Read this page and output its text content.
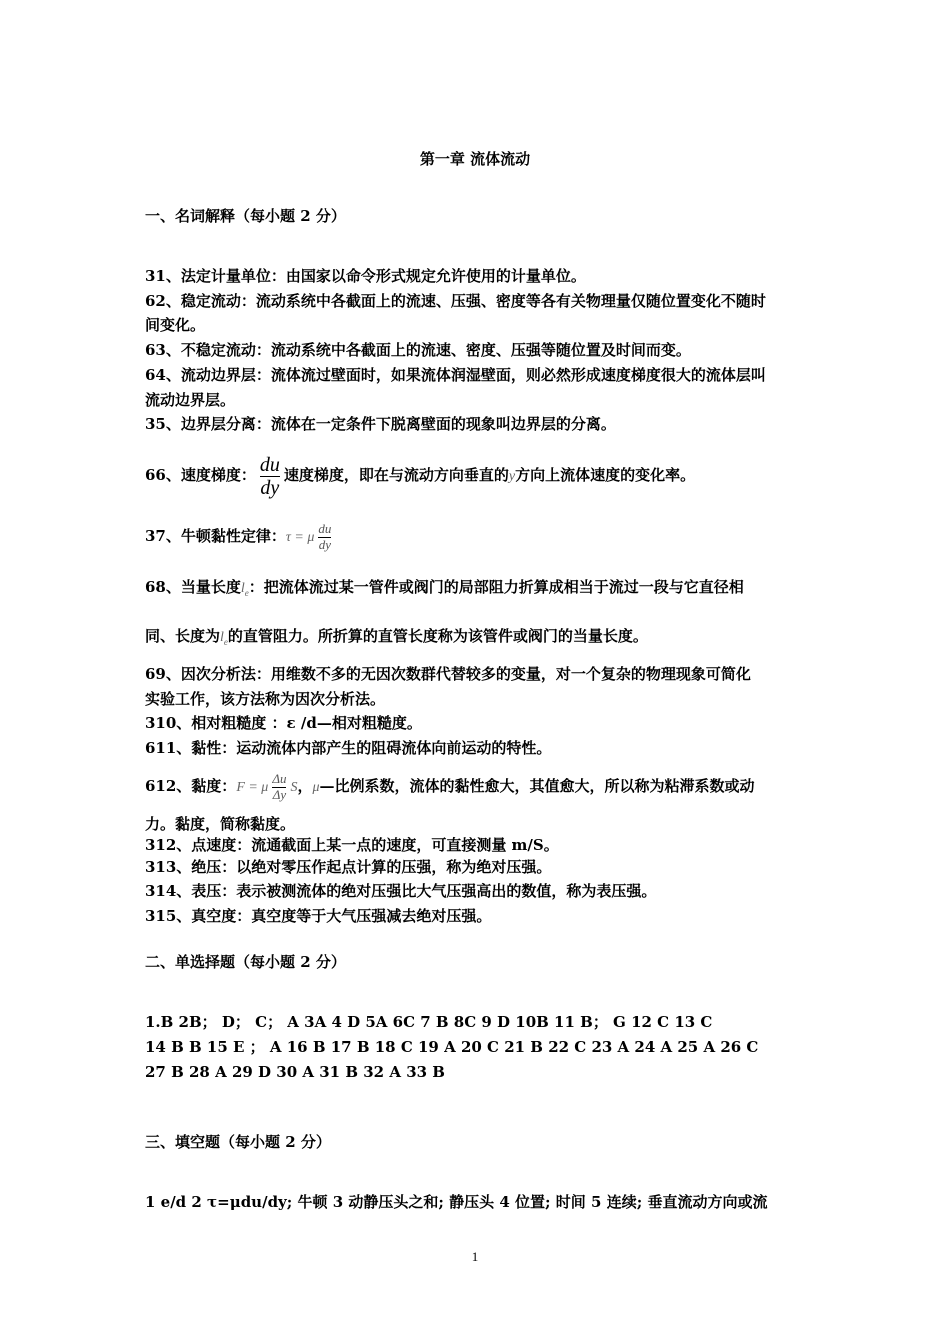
第一章 流体流动
一、名词解释（每小题 2 分）
31、法定计量单位：由国家以命令形式规定允许使用的计量单位。
62、稳定流动：流动系统中各截面上的流速、压强、密度等各有关物理量仅随位置变化不随时
间变化。
63、不稳定流动：流动系统中各截面上的流速、密度、压强等随位置及时间而变。
64、流动边界层：流体流过壁面时，如果流体润湿壁面，则必然形成速度梯度很大的流体层叫
流动边界层。
35、边界层分离：流体在一定条件下脱离壁面的现象叫边界层的分离。
66、速度梯度： $\frac{du}{dy}$ 速度梯度，即在与流动方向垂直的y方向上流体速度的变化率。
37、牛顿黏性定律：τ = μ $\frac{du}{dy}$
68、当量长度$l_e$：把流体流过某一管件或阀门的局部阻力折算成相当于流过一段与它直径相
同、长度为$l_e$的直管阻力。所折算的直管长度称为该管件或阀门的当量长度。
69、因次分析法：用维数不多的无因次数群代替较多的变量，对一个复杂的物理现象可简化
实验工作，该方法称为因次分析法。
310、相对粗糙度 ：ε /d—相对粗糙度。
611、黏性：运动流体内部产生的阻碍流体向前运动的特性。
612、黏度：F = μ $\frac{\Delta u}{\Delta y}$ S，μ—比例系数，流体的黏性愈大，其值愈大，所以称为粘滞系数或动
力。黏度，简称黏度。
312、点速度：流通截面上某一点的速度，可直接测量 m/S。
313、绝压：以绝对零压作起点计算的压强，称为绝对压强。
314、表压：表示被测流体的绝对压强比大气压强高出的数值，称为表压强。
315、真空度：真空度等于大气压强减去绝对压强。
二、单选择题（每小题 2 分）
1.B 2B； D； C； A 3A 4 D 5A 6C 7 B 8C 9 D 10B 11 B； G 12 C 13 C
14 B B 15 E ； A 16 B 17 B 18 C 19 A 20 C 21 B 22 C 23 A 24 A 25 A 26 C
27 B 28 A 29 D 30 A 31 B 32 A 33 B
三、填空题（每小题 2 分）
1 e/d 2 τ=μdu/dy; 牛顿 3 动静压头之和; 静压头 4 位置; 时间 5 连续; 垂直流动方向或流
1
